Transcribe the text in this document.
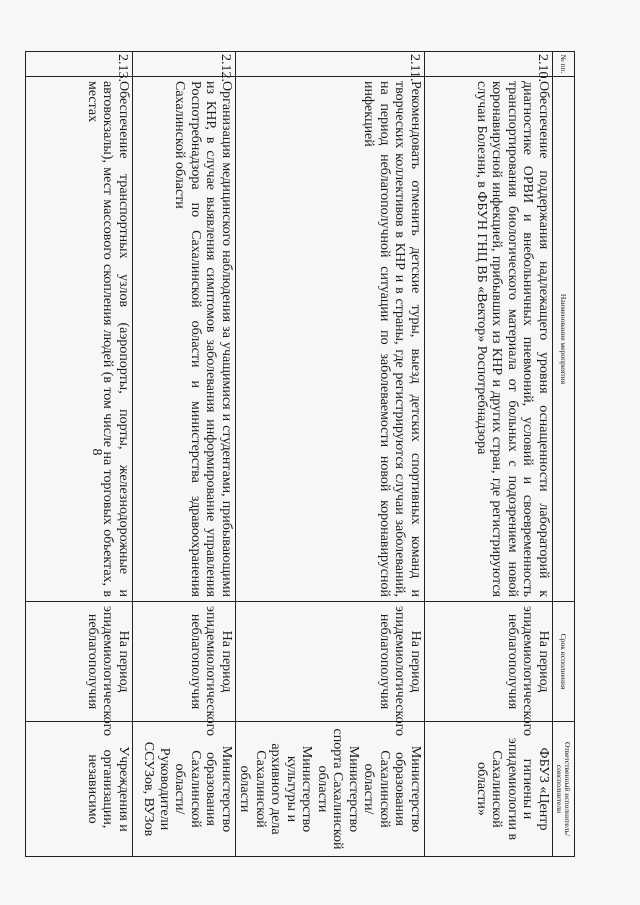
8
№ пп.	Наименование мероприятия	Срок исполнения	Ответственный исполнитель/соисполнители
2.10.	Обеспечение поддержания надлежащего уровня оснащенности лабораторий к диагностике ОРВИ и внебольничных пневмоний, условий и своевременность транспортирования биологического материала от больных с подозрением новой коронавирусной инфекцией, прибывших из КНР и других стран, где регистрируются случаи Болезни, в ФБУН ГНЦ ВБ «Вектор» Роспотребнадзора	На период эпидемиологического неблагополучия	ФБУЗ «Центр гигиены и эпидемиологии в Сахалинской области»
2.11.	Рекомендовать отменить детские туры, выезд детских спортивных команд и творческих коллективов в КНР и в страны, где регистрируются случаи заболеваний, на период неблагополучной ситуации по заболеваемости новой коронавирусной инфекцией	На период эпидемиологического неблагополучия	Министерство образования Сахалинской области/ Министерство спорта Сахалинской области Министерство культуры и архивного дела Сахалинской области
2.12.	Организация медицинского наблюдения за учащимися и студентами, прибывающими из КНР, в случае выявления симптомов заболевания информирование управления Роспотребнадзора по Сахалинской области и министерства здравоохранения Сахалинской области	На период эпидемиологического неблагополучия	Министерство образования Сахалинской области/ Руководители ССУЗов, ВУЗов
2.13.	Обеспечение транспортных узлов (аэропорты, порты, железнодорожные и автовокзалы), мест массового скопления людей (в том числе на торговых объектах, в местах	На период эпидемиологического неблагополучия	Учреждения и организации, независимо
